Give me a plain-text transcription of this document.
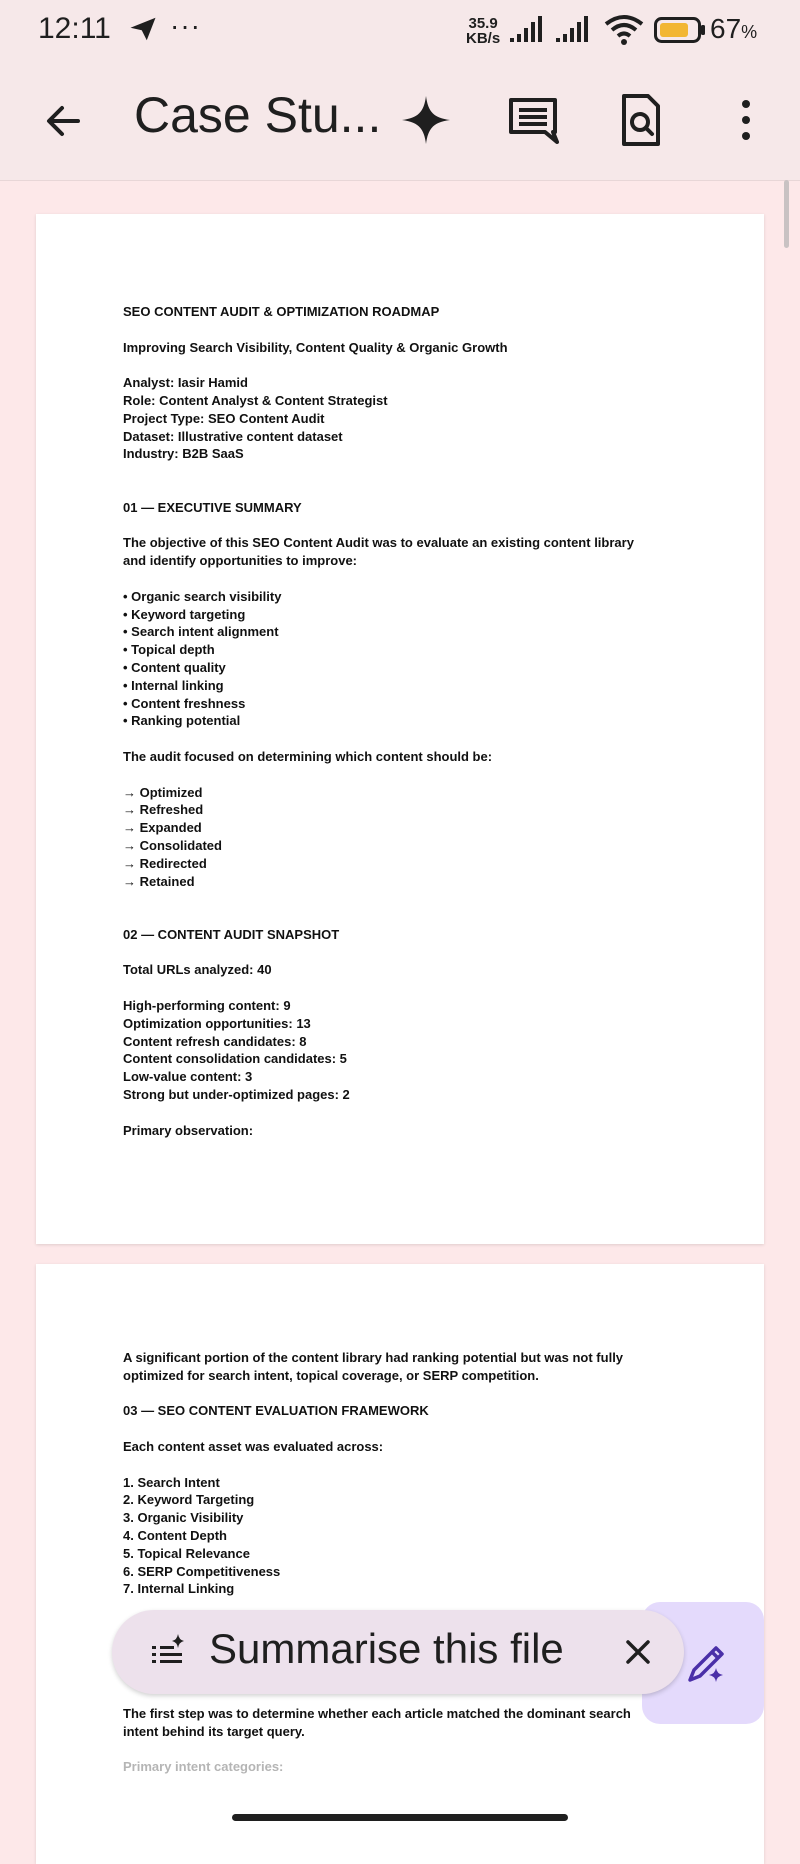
12:11 ···	35.9
KB/s	67%
Case Stu...

SEO CONTENT AUDIT & OPTIMIZATION ROADMAP

Improving Search Visibility, Content Quality & Organic Growth

Analyst: Iasir Hamid

Role: Content Analyst & Content Strategist

Project Type: SEO Content Audit

Dataset: Illustrative content dataset

Industry: B2B SaaS

01 — EXECUTIVE SUMMARY

The objective of this SEO Content Audit was to evaluate an existing content library

and identify opportunities to improve:

• Organic search visibility

• Keyword targeting

• Search intent alignment

• Topical depth

• Content quality

• Internal linking

• Content freshness

• Ranking potential

The audit focused on determining which content should be:

→ Optimized

→ Refreshed

→ Expanded

→ Consolidated

→ Redirected

→ Retained

02 — CONTENT AUDIT SNAPSHOT

Total URLs analyzed: 40

High-performing content: 9

Optimization opportunities: 13

Content refresh candidates: 8

Content consolidation candidates: 5

Low-value content: 3

Strong but under-optimized pages: 2

Primary observation:

A significant portion of the content library had ranking potential but was not fully

optimized for search intent, topical coverage, or SERP competition.

03 — SEO CONTENT EVALUATION FRAMEWORK

Each content asset was evaluated across:

1. Search Intent

2. Keyword Targeting

3. Organic Visibility

4. Content Depth

5. Topical Relevance

6. SERP Competitiveness

7. Internal Linking

The first step was to determine whether each article matched the dominant search

intent behind its target query.

Primary intent categories:

Summarise this file
